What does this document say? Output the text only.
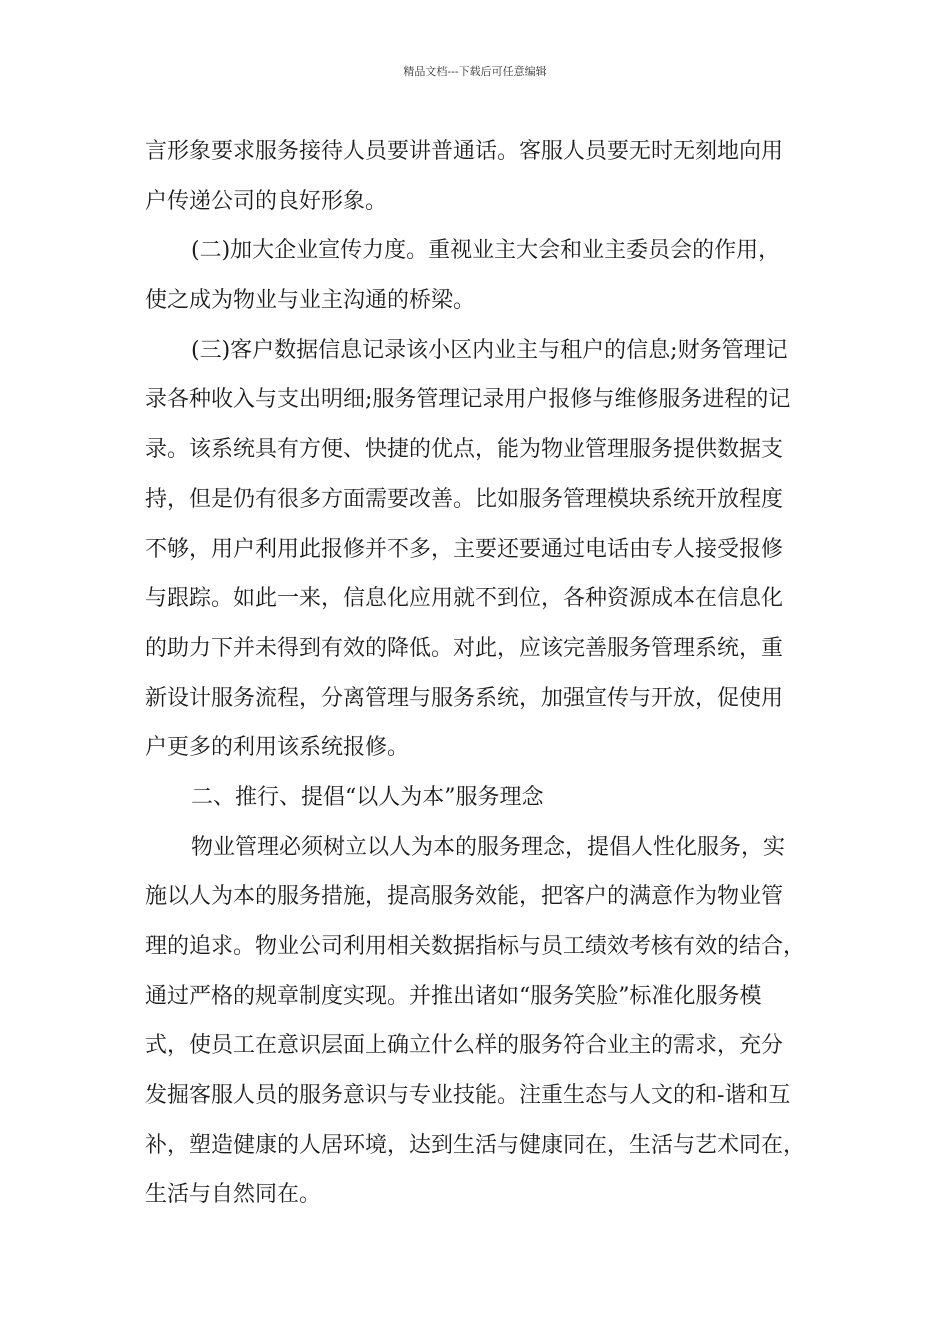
精品文档---下载后可任意编辑
言形象要求服务接待人员要讲普通话。客服人员要无时无刻地向用
户传递公司的良好形象。
(二)加大企业宣传力度。重视业主大会和业主委员会的作用，
使之成为物业与业主沟通的桥梁。
(三)客户数据信息记录该小区内业主与租户的信息;财务管理记
录各种收入与支出明细;服务管理记录用户报修与维修服务进程的记
录。该系统具有方便、快捷的优点，能为物业管理服务提供数据支
持，但是仍有很多方面需要改善。比如服务管理模块系统开放程度
不够，用户利用此报修并不多，主要还要通过电话由专人接受报修
与跟踪。如此一来，信息化应用就不到位，各种资源成本在信息化
的助力下并未得到有效的降低。对此，应该完善服务管理系统，重
新设计服务流程，分离管理与服务系统，加强宣传与开放，促使用
户更多的利用该系统报修。
二、推行、提倡“以人为本”服务理念
物业管理必须树立以人为本的服务理念，提倡人性化服务，实
施以人为本的服务措施，提高服务效能，把客户的满意作为物业管
理的追求。物业公司利用相关数据指标与员工绩效考核有效的结合，
通过严格的规章制度实现。并推出诸如“服务笑脸”标准化服务模
式，使员工在意识层面上确立什么样的服务符合业主的需求，充分
发掘客服人员的服务意识与专业技能。注重生态与人文的和-谐和互
补，塑造健康的人居环境，达到生活与健康同在，生活与艺术同在，
生活与自然同在。
